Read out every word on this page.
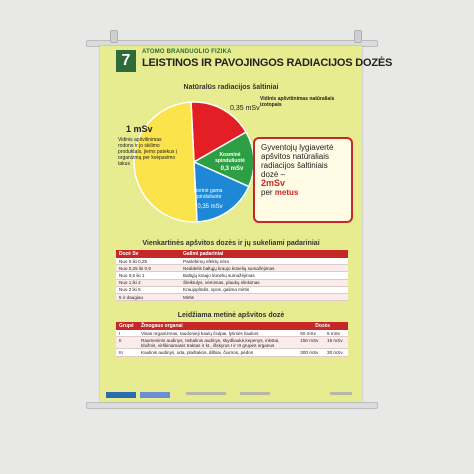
7	ATOMO BRANDUOLIO FIZIKA
LEISTINOS IR PAVOJINGOS RADIACIJOS DOZĖS
Natūralūs radiacijos šaltiniai
1 mSv
Vidinis apšvitinimas rodono ir jo skilimo produktais, jiems patekus į organizmą per kvėpavimo takus
0,35 mSv
Kosminė spinduliuotė
0,3 mSv
Išorinė gama spinduliuotė
0,35 mSv
Vidinis apšvitinimas natūraliais izotopais
Gyventojų lygiavertė apšvitos natūraliais radiacijos šaltiniais dozė –
2mSv
per metus
Vienkartinės apšvitos dozės ir jų sukeliami padariniai
Dozė Sv	Galimi padariniai
Nuo 0 iki 0,25	Pastebimų efektų nėra
Nuo 0,25 iki 0,5	Nedidelis baltųjų kraujo kūnelių sumažėjimas
Nuo 0,5 iki 1	Baltųjų kraujo kūnelių sumažėjimas
Nuo 1 iki 2	Šleiktulys, vėmimas, plaukų slinkimas
Nuo 2 iki 5	Kraujoplūdis, opos, galima mirtis
5 ir daugiau	Mirtis
Leidžiama metinė apšvitos dozė
Grupė	Žmogaus organai	Dozės	
I	Visas organizmas, raudonieji kaulų čiulpai, lytiniės liaukos	50 mSv	5 mSv
II	Raumeninis audinys, riebalinis audinys, skydliaukė,kepenys, inkstai, blužnis, virškinamasis traktas ir kt., išskyrus I ir III grupės organus	150 mSv	15 mSv
III	Kaulinis audinys, oda, plaštakos, dilbiai, čiurnos, pėdos	300 mSv	30 mSv
